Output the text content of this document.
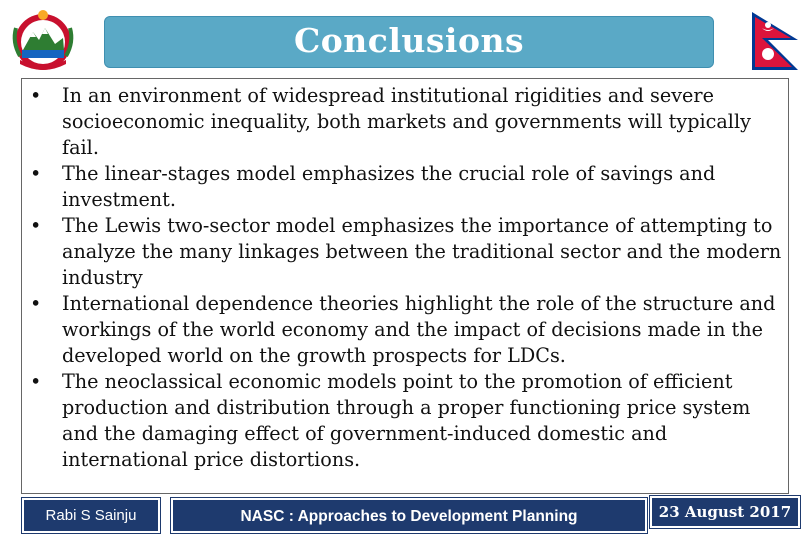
Conclusions
• In an environment of widespread institutional rigidities and severe socioeconomic inequality, both markets and governments will typically fail.
• The linear-stages model emphasizes the crucial role of savings and investment.
• The Lewis two-sector model emphasizes the importance of attempting to analyze the many linkages between the traditional sector and the modern industry
• International dependence theories highlight the role of the structure and workings of the world economy and the impact of decisions made in the developed world on the growth prospects for LDCs.
• The neoclassical economic models point to the promotion of efficient production and distribution through a proper functioning price system and the damaging effect of government-induced domestic and international price distortions.
Rabi S Sainju	NASC : Approaches to Development Planning	23 August 2017
